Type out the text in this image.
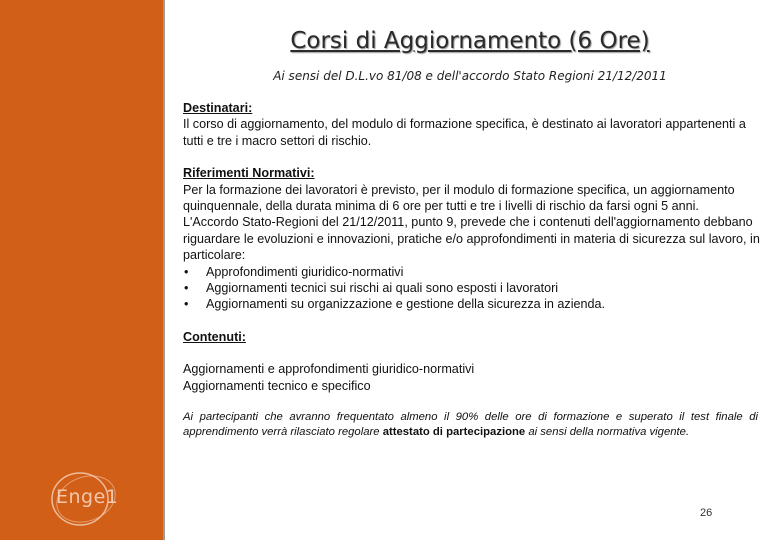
Enge1
Corsi di Aggiornamento (6 Ore)
Ai sensi del D.L.vo 81/08 e dell'accordo Stato Regioni 21/12/2011

Destinatari:

Il corso di aggiornamento, del modulo di formazione specifica, è destinato ai lavoratori appartenenti a tutti e tre i macro settori di rischio.

Riferimenti Normativi:

Per la formazione dei lavoratori è previsto, per il modulo di formazione specifica, un aggiornamento quinquennale, della durata minima di 6 ore per tutti e tre i livelli di rischio da farsi ogni 5 anni.

L'Accordo Stato-Regioni del 21/12/2011, punto 9, prevede che i contenuti dell'aggiornamento debbano riguardare le evoluzioni e innovazioni, pratiche e/o approfondimenti in materia di sicurezza sul lavoro, in particolare:

•	Approfondimenti giuridico-normativi
•	Aggiornamenti tecnici sui rischi ai quali sono esposti i lavoratori
•	Aggiornamenti su organizzazione e gestione della sicurezza in azienda.

Contenuti:

Aggiornamenti e approfondimenti giuridico-normativi

Aggiornamenti tecnico e specifico

Ai partecipanti che avranno frequentato almeno il 90% delle ore di formazione e superato il test finale di apprendimento verrà rilasciato regolare attestato di partecipazione ai sensi della normativa vigente.

26
